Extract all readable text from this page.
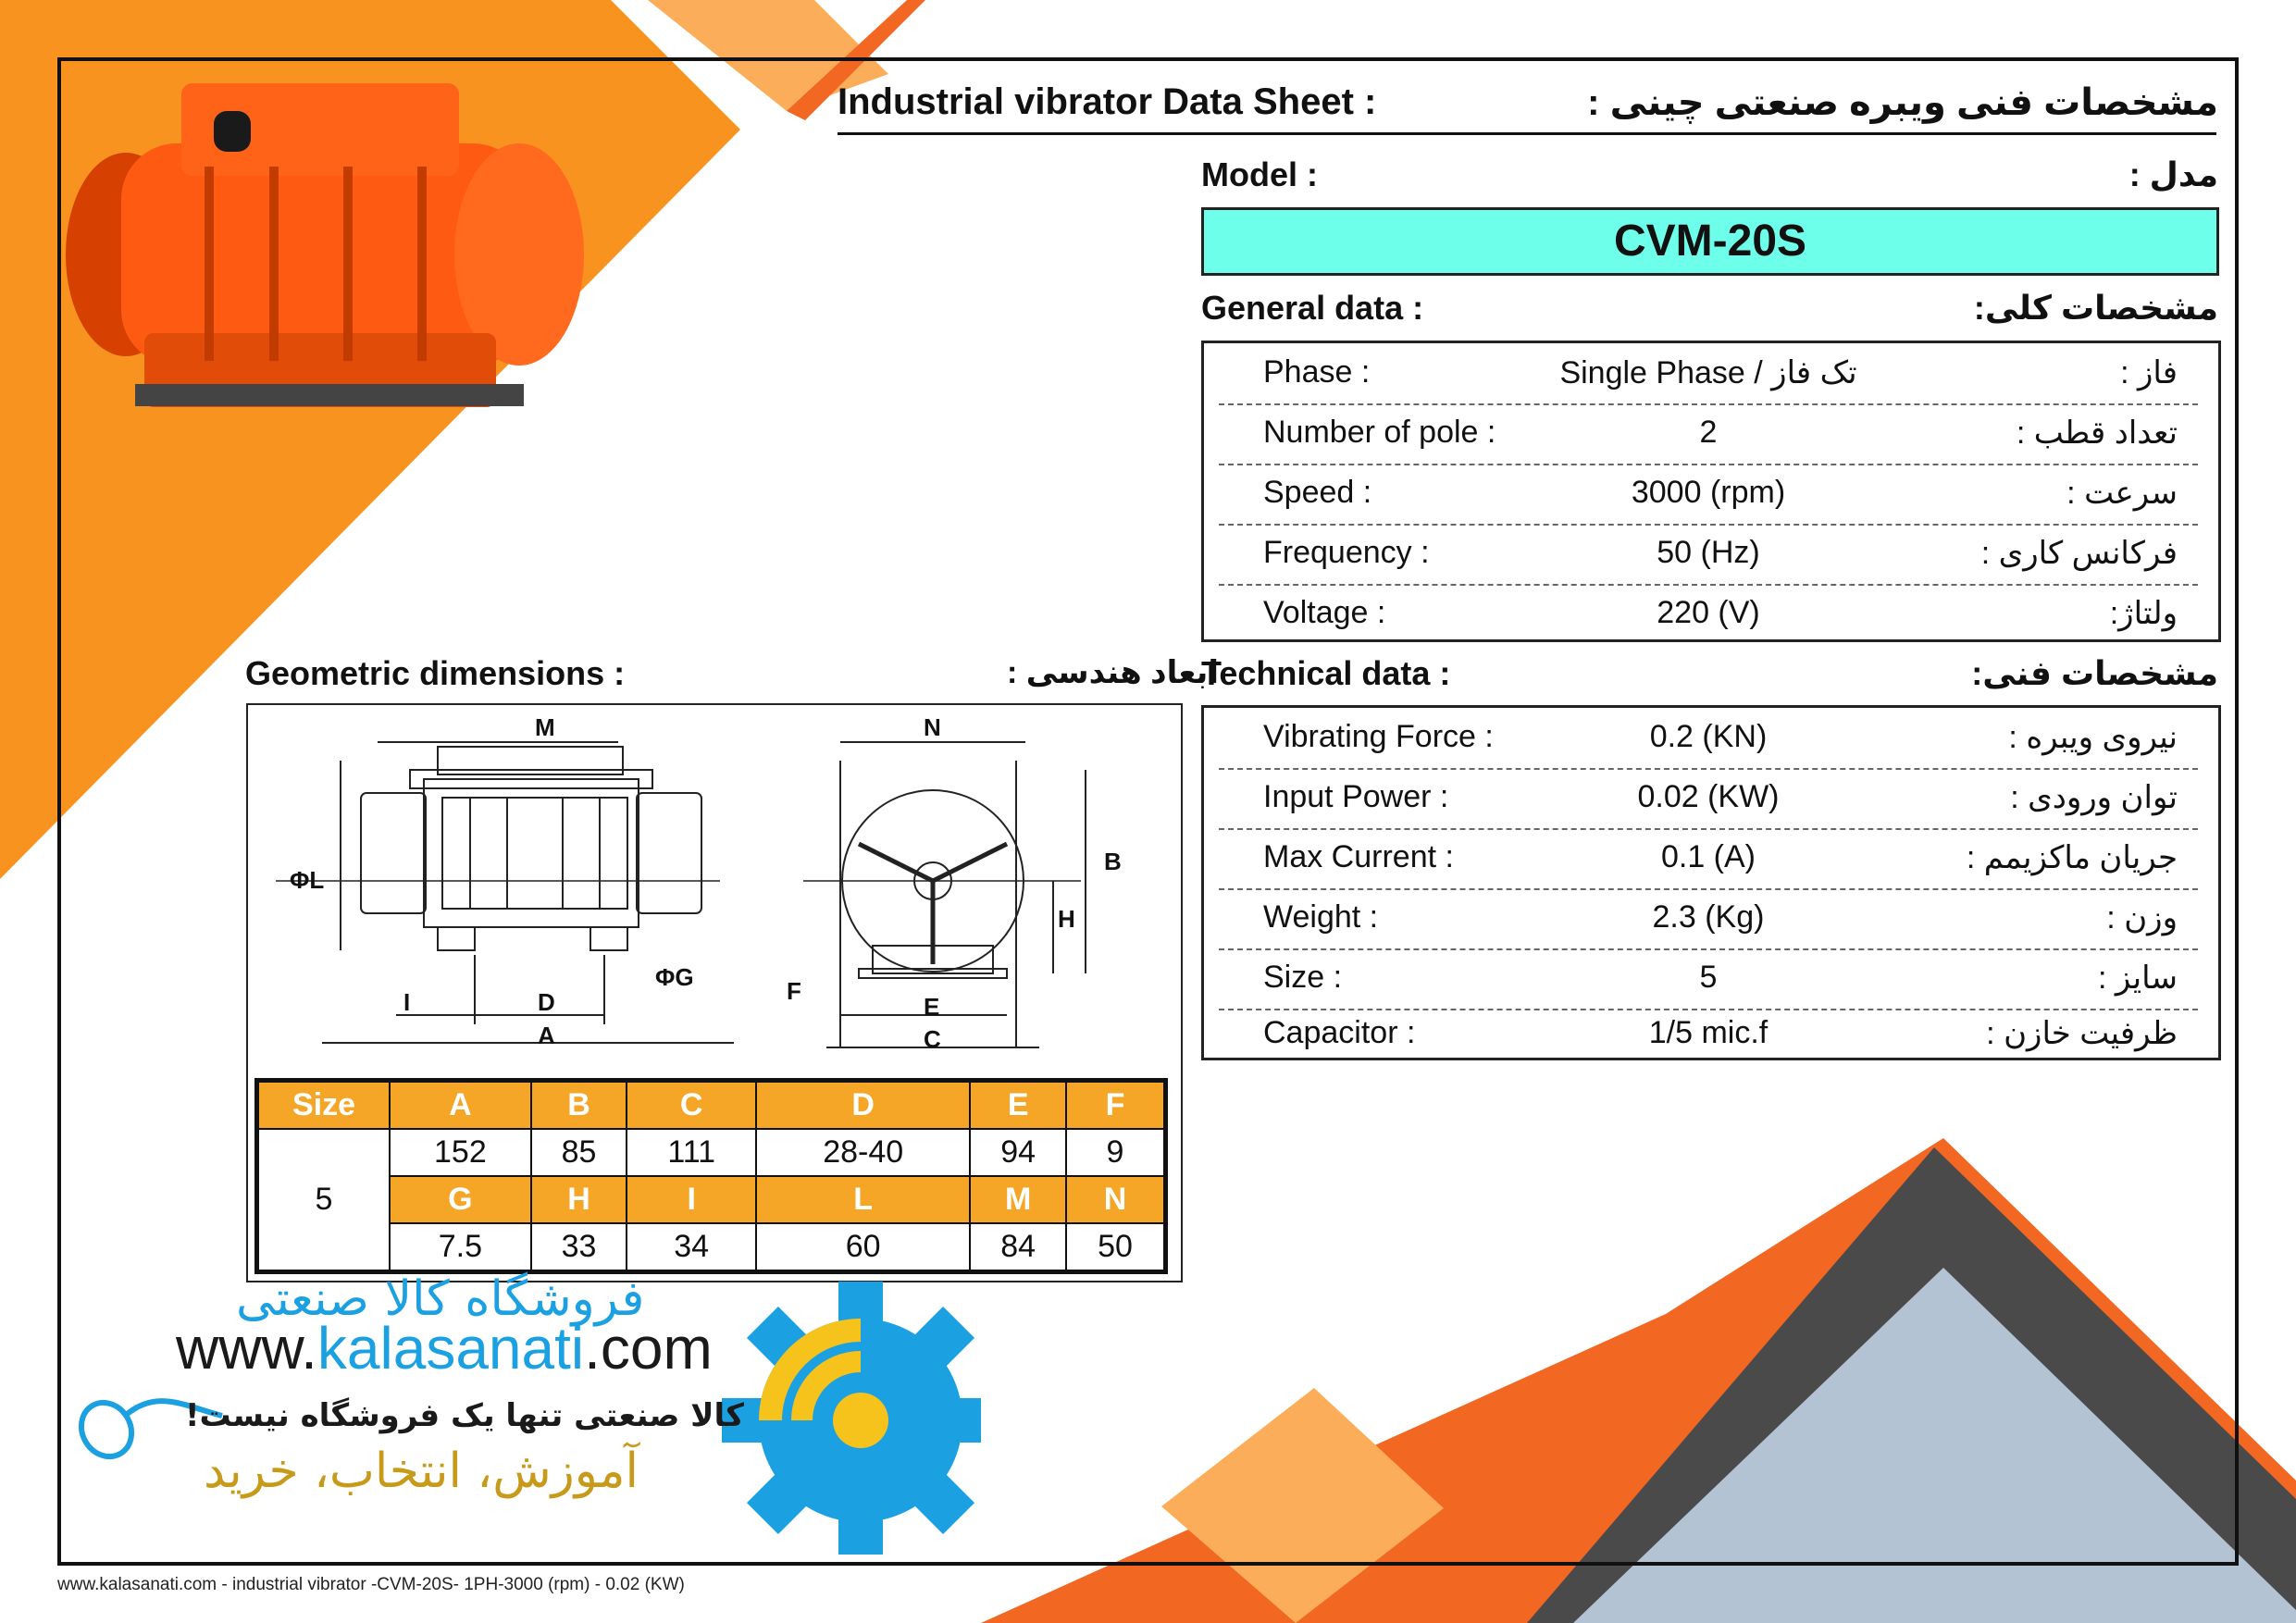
Industrial vibrator Data Sheet :	مشخصات فنی ویبره صنعتی چینی :
Model :	مدل :
CVM-20S
General data :	مشخصات کلی:
Phase :	Single Phase / تک فاز	فاز :
Number of pole :	2	تعداد قطب :
Speed :	3000 (rpm)	سرعت :
Frequency :	50 (Hz)	فرکانس کاری :
Voltage :	220 (V)	ولتاژ:
Technical data :	مشخصات فنی:
Vibrating Force :	0.2 (KN)	نیروی ویبره :
Input Power :	0.02 (KW)	توان ورودی :
Max Current :	0.1 (A)	جریان ماکزیمم :
Weight :	2.3 (Kg)	وزن :
Size :	5	سایز :
Capacitor :	1/5 mic.f	ظرفیت خازن :
Geometric dimensions :	ابعاد هندسی :
M	N
ΦL
B
H
ΦG	F
I	D
A
E
C
Size	A	B	C	D	E	F
5	152	85	111	28-40	94	9
	G	H	I	L	M	N
	7.5	33	34	60	84	50
فروشگاه کالا صنعتی
www.kalasanati.com
کالا صنعتی تنها یک فروشگاه نیست!
آموزش، انتخاب، خرید
www.kalasanati.com - industrial vibrator -CVM-20S- 1PH-3000 (rpm) - 0.02 (KW)
